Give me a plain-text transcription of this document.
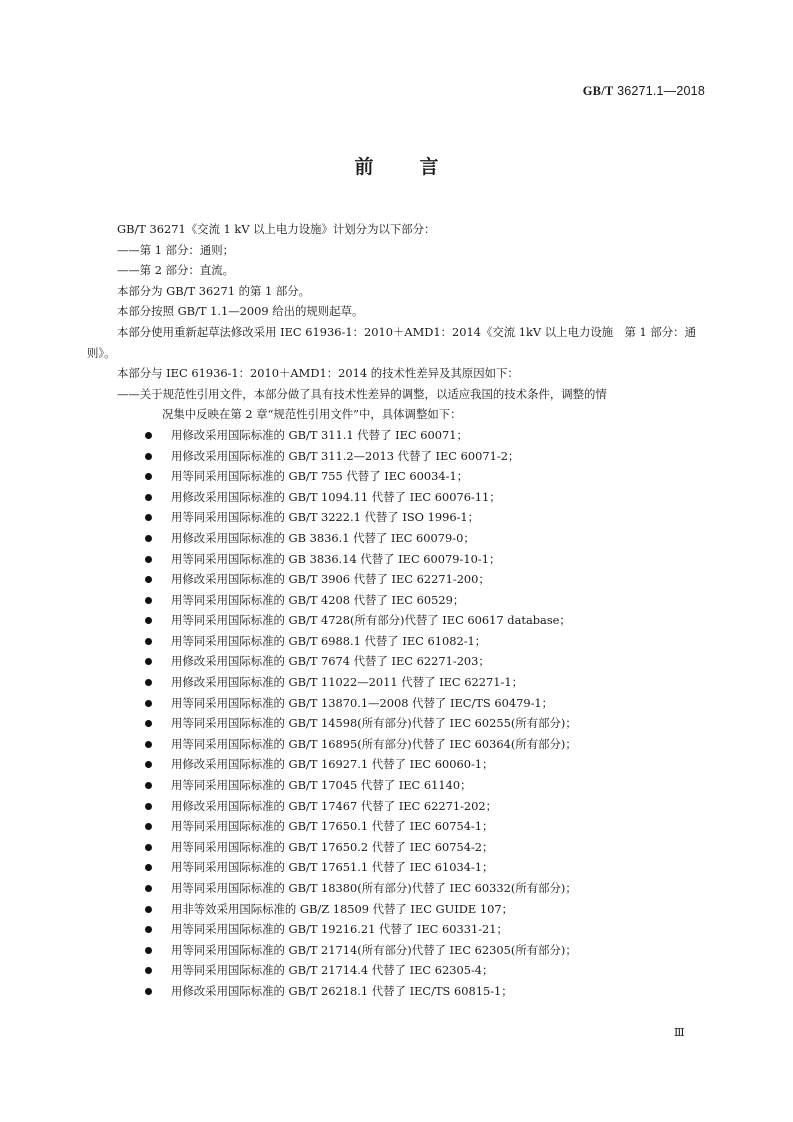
GB/T 36271.1—2018
前言

GB/T 36271《交流 1 kV 以上电力设施》计划分为以下部分：

——第 1 部分：通则；

——第 2 部分：直流。

本部分为 GB/T 36271 的第 1 部分。

本部分按照 GB/T 1.1—2009 给出的规则起草。

本部分使用重新起草法修改采用 IEC 61936-1：2010＋AMD1：2014《交流 1kV 以上电力设施　第 1 部分：通则》。

本部分与 IEC 61936-1：2010＋AMD1：2014 的技术性差异及其原因如下：

——关于规范性引用文件，本部分做了具有技术性差异的调整，以适应我国的技术条件，调整的情
况集中反映在第 2 章“规范性引用文件”中，具体调整如下：

用修改采用国际标准的 GB/T 311.1 代替了 IEC 60071；
用修改采用国际标准的 GB/T 311.2—2013 代替了 IEC 60071-2；
用等同采用国际标准的 GB/T 755 代替了 IEC 60034-1；
用修改采用国际标准的 GB/T 1094.11 代替了 IEC 60076-11；
用等同采用国际标准的 GB/T 3222.1 代替了 ISO 1996-1；
用修改采用国际标准的 GB 3836.1 代替了 IEC 60079-0；
用等同采用国际标准的 GB 3836.14 代替了 IEC 60079-10-1；
用修改采用国际标准的 GB/T 3906 代替了 IEC 62271-200；
用等同采用国际标准的 GB/T 4208 代替了 IEC 60529；
用等同采用国际标准的 GB/T 4728(所有部分)代替了 IEC 60617 database；
用等同采用国际标准的 GB/T 6988.1 代替了 IEC 61082-1；
用修改采用国际标准的 GB/T 7674 代替了 IEC 62271-203；
用修改采用国际标准的 GB/T 11022—2011 代替了 IEC 62271-1；
用等同采用国际标准的 GB/T 13870.1—2008 代替了 IEC/TS 60479-1；
用等同采用国际标准的 GB/T 14598(所有部分)代替了 IEC 60255(所有部分)；
用等同采用国际标准的 GB/T 16895(所有部分)代替了 IEC 60364(所有部分)；
用修改采用国际标准的 GB/T 16927.1 代替了 IEC 60060-1；
用等同采用国际标准的 GB/T 17045 代替了 IEC 61140；
用修改采用国际标准的 GB/T 17467 代替了 IEC 62271-202；
用等同采用国际标准的 GB/T 17650.1 代替了 IEC 60754-1；
用等同采用国际标准的 GB/T 17650.2 代替了 IEC 60754-2；
用等同采用国际标准的 GB/T 17651.1 代替了 IEC 61034-1；
用等同采用国际标准的 GB/T 18380(所有部分)代替了 IEC 60332(所有部分)；
用非等效采用国际标准的 GB/Z 18509 代替了 IEC GUIDE 107；
用等同采用国际标准的 GB/T 19216.21 代替了 IEC 60331-21；
用等同采用国际标准的 GB/T 21714(所有部分)代替了 IEC 62305(所有部分)；
用等同采用国际标准的 GB/T 21714.4 代替了 IEC 62305-4；
用修改采用国际标准的 GB/T 26218.1 代替了 IEC/TS 60815-1；
Ⅲ
